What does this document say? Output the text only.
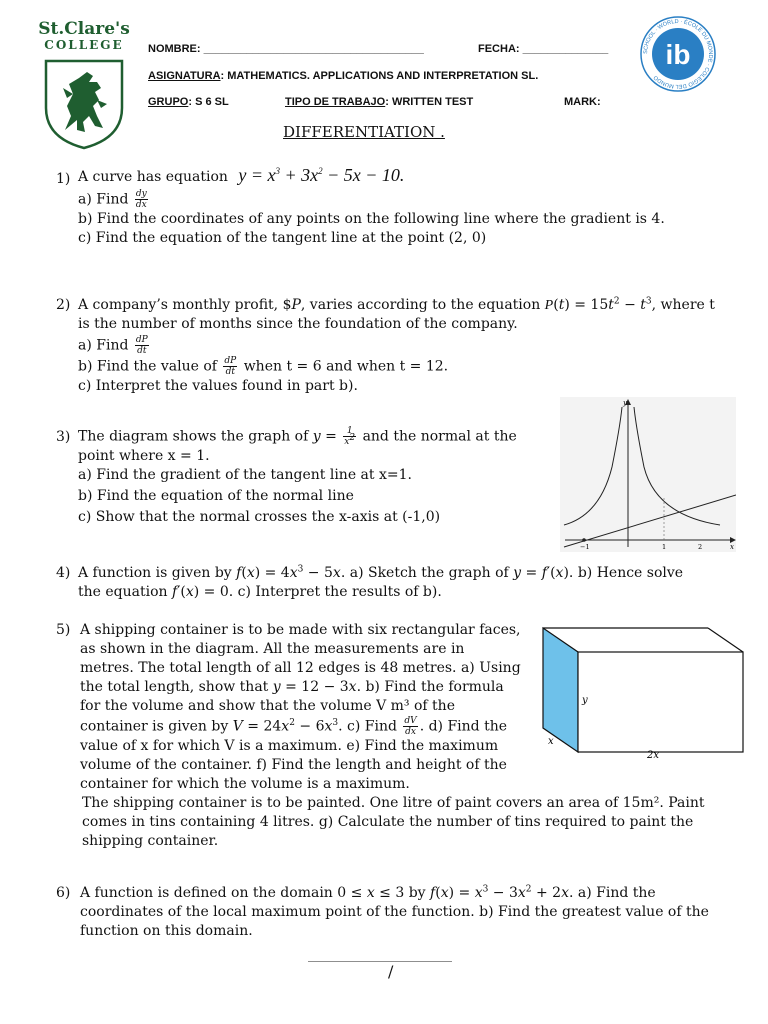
St.Clare's
COLLEGE	NOMBRE: ____________________________________	FECHA: ______________
ASIGNATURA: MATHEMATICS. APPLICATIONS AND INTERPRETATION SL.
GRUPO: S 6 SL	TIPO DE TRABAJO: WRITTEN TEST	MARK:
DIFFERENTIATION .
SCHOOL · WORLD · ÉCOLE DU MONDE · COLEGIO DEL MUNDO
ib
1) A curve has equation $y = x^3 + 3x^2 - 5x - 10$.
a) Find $\frac{dy}{dx}$
b) Find the coordinates of any points on the following line where the gradient is 4.
c) Find the equation of the tangent line at the point (2, 0)
2) A company’s monthly profit, $P, varies according to the equation $P(t) = 15t^2 - t^3$, where t
is the number of months since the foundation of the company.
a) Find $\frac{dP}{dt}$
b) Find the value of $\frac{dP}{dt}$ when t = 6 and when t = 12.
c) Interpret the values found in part b).
3) The diagram shows the graph of $y = \frac{1}{x^2}$ and the normal at the
point where x = 1.
a) Find the gradient of the tangent line at x=1.
b) Find the equation of the normal line
c) Show that the normal crosses the x-axis at (-1,0)
y
x
−1	1	2
4) A function is given by $f(x) = 4x^3 - 5x$. a) Sketch the graph of y = f′(x). b) Hence solve
the equation f′(x) = 0. c) Interpret the results of b).
5) A shipping container is to be made with six rectangular faces,
as shown in the diagram. All the measurements are in
metres. The total length of all 12 edges is 48 metres. a) Using
the total length, show that y = 12 − 3x. b) Find the formula
for the volume and show that the volume V m³ of the
container is given by $V = 24x^2 - 6x^3$. c) Find $\frac{dV}{dx}$ . d) Find the
value of x for which V is a maximum. e) Find the maximum
volume of the container. f) Find the length and height of the
container for which the volume is a maximum.
The shipping container is to be painted. One litre of paint covers an area of 15m². Paint
comes in tins containing 4 litres. g) Calculate the number of tins required to paint the
shipping container.
y
x
2x
6) A function is defined on the domain 0 ≤ x ≤ 3 by $f(x) = x^3 - 3x^2 + 2x$. a) Find the
coordinates of the local maximum point of the function. b) Find the greatest value of the
function on this domain.
________________________
/
